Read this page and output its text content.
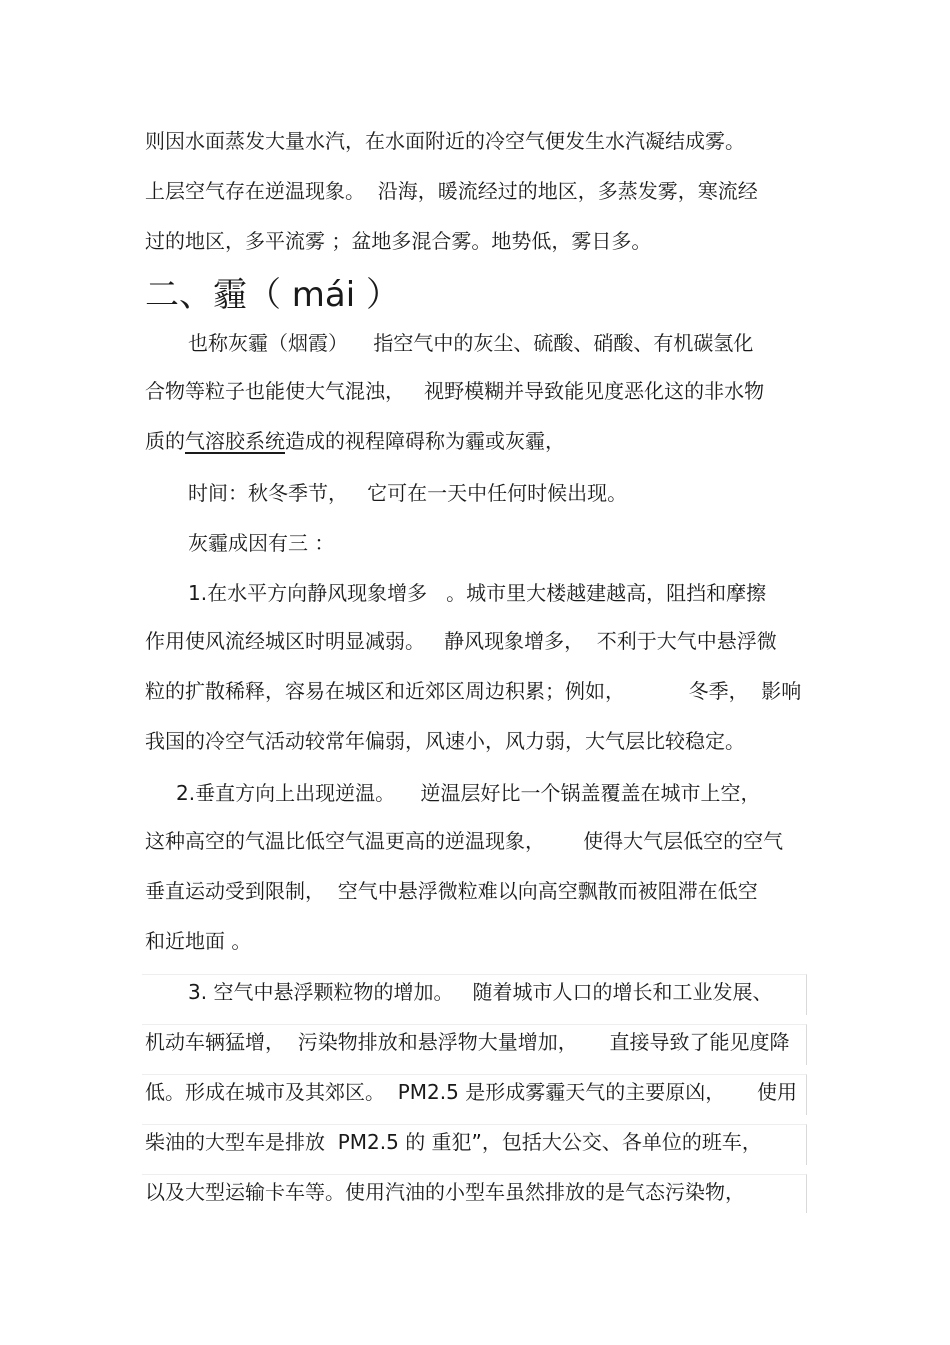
则因水面蒸发大量水汽，在水面附近的冷空气便发生水汽凝结成雾。
上层空气存在逆温现象。  沿海，暖流经过的地区，多蒸发雾，寒流经
过的地区，多平流雾 ；盆地多混合雾。地势低，雾日多。
二、霾（ mái ）
也称灰霾（烟霞）    指空气中的灰尘、硫酸、硝酸、有机碳氢化
合物等粒子也能使大气混浊，   视野模糊并导致能见度恶化这的非水物
质的气溶胶系统造成的视程障碍称为霾或灰霾，
时间：秋冬季节，   它可在一天中任何时候出现。
灰霾成因有三 ：
1.在水平方向静风现象增多   。城市里大楼越建越高，阻挡和摩擦
作用使风流经城区时明显减弱。   静风现象增多，  不利于大气中悬浮微
粒的扩散稀释，容易在城区和近郊区周边积累；例如，          冬季，  影响
我国的冷空气活动较常年偏弱，风速小，风力弱，大气层比较稳定。
2.垂直方向上出现逆温。    逆温层好比一个锅盖覆盖在城市上空，
这种高空的气温比低空气温更高的逆温现象，      使得大气层低空的空气
垂直运动受到限制，  空气中悬浮微粒难以向高空飘散而被阻滞在低空
和近地面 。
3. 空气中悬浮颗粒物的增加。   随着城市人口的增长和工业发展、
机动车辆猛增，  污染物排放和悬浮物大量增加，     直接导致了能见度降
低。形成在城市及其郊区。  PM2.5 是形成雾霾天气的主要原凶，     使用
柴油的大型车是排放  PM2.5 的 重犯”，包括大公交、各单位的班车，
以及大型运输卡车等。使用汽油的小型车虽然排放的是气态污染物，
